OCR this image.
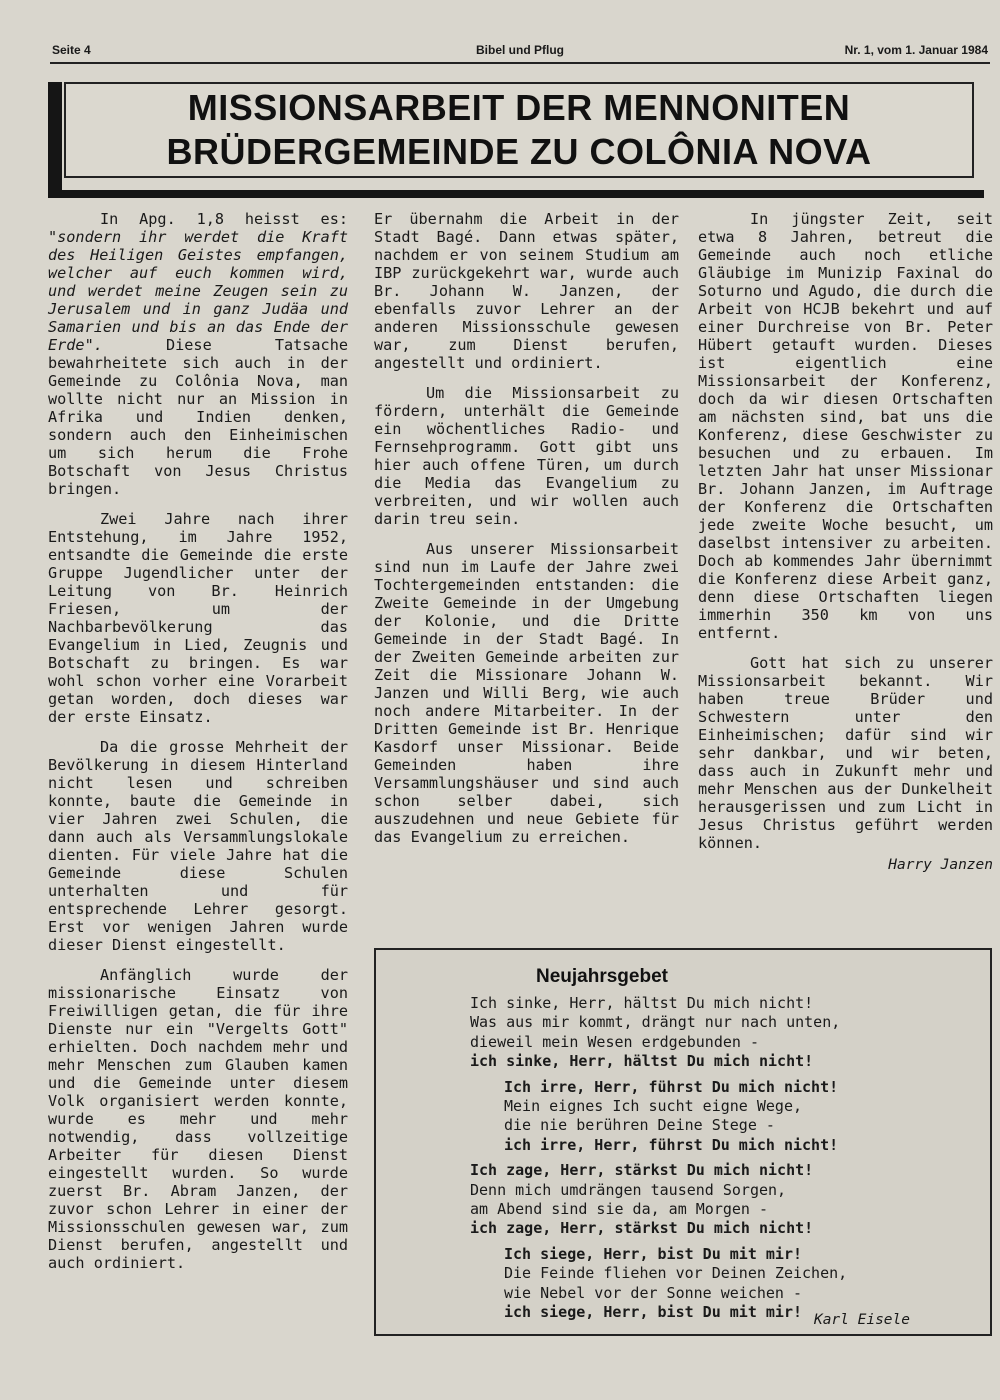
Seite 4	Bibel und Pflug	Nr. 1, vom 1. Januar 1984
MISSIONSARBEIT DER MENNONITEN
BRÜDERGEMEINDE ZU COLÔNIA NOVA

In Apg. 1,8 heisst es: "sondern ihr werdet die Kraft des Heiligen Geistes empfangen, welcher auf euch kommen wird, und werdet meine Zeugen sein zu Jerusalem und in ganz Judäa und Samarien und bis an das Ende der Erde".	Diese Tatsache bewahrheitete sich auch in der Gemeinde zu Colônia Nova, man wollte nicht nur an Mission in Afrika und Indien denken, sondern auch den Einheimischen um sich herum die Frohe Botschaft von Jesus Christus bringen.

Zwei Jahre nach ihrer Entstehung, im Jahre 1952, entsandte die Gemeinde die erste Gruppe Jugendlicher unter der Leitung von Br. Heinrich Friesen, um der Nachbarbevölkerung das Evangelium in Lied, Zeugnis und Botschaft zu bringen. Es war wohl schon vorher eine Vorarbeit getan worden, doch dieses war der erste Einsatz.

Da die grosse Mehrheit der Bevölkerung in diesem Hinterland nicht lesen und schreiben konnte, baute die Gemeinde in vier Jahren zwei Schulen, die dann auch als Versammlungslokale dienten. Für viele Jahre hat die Gemeinde diese Schulen unterhalten und für entsprechende Lehrer gesorgt. Erst vor wenigen Jahren wurde dieser Dienst eingestellt.

Anfänglich wurde der missionarische Einsatz von Freiwilligen getan, die für ihre Dienste nur ein "Vergelts Gott" erhielten. Doch nachdem mehr und mehr Menschen zum Glauben kamen und die Gemeinde unter diesem Volk organisiert werden konnte, wurde es mehr und mehr notwendig, dass vollzeitige Arbeiter für diesen Dienst eingestellt wurden. So wurde zuerst Br. Abram Janzen, der zuvor schon Lehrer in einer der Missionsschulen gewesen war, zum Dienst berufen, angestellt und auch ordiniert.

Er übernahm die Arbeit in der Stadt Bagé. Dann etwas später, nachdem er von seinem Studium am IBP zurückgekehrt war, wurde auch Br. Johann W. Janzen, der ebenfalls zuvor Lehrer an der anderen Missionsschule gewesen war, zum Dienst berufen, angestellt und ordiniert.

Um die Missionsarbeit zu fördern, unterhält die Gemeinde ein wöchentliches Radio- und Fernsehprogramm. Gott gibt uns hier auch offene Türen, um durch die Media das Evangelium zu verbreiten, und wir wollen auch darin treu sein.

Aus unserer Missionsarbeit sind nun im Laufe der Jahre zwei Tochtergemeinden entstanden: die Zweite Gemeinde in der Umgebung der Kolonie, und die Dritte Gemeinde in der Stadt Bagé. In der Zweiten Gemeinde arbeiten zur Zeit die Missionare Johann W. Janzen und Willi Berg, wie auch noch andere Mitarbeiter. In der Dritten Gemeinde ist Br. Henrique Kasdorf unser Missionar. Beide Gemeinden haben ihre Versammlungshäuser und sind auch schon selber dabei, sich auszudehnen und neue Gebiete für das Evangelium zu erreichen.

In jüngster Zeit, seit etwa 8 Jahren, betreut die Gemeinde auch noch etliche Gläubige im Munizip Faxinal do Soturno und Agudo, die durch die Arbeit von HCJB bekehrt und auf einer Durchreise von Br. Peter Hübert getauft wurden. Dieses ist eigentlich eine Missionsarbeit der Konferenz, doch da wir diesen Ortschaften am nächsten sind, bat uns die Konferenz, diese Geschwister zu besuchen und zu erbauen. Im letzten Jahr hat unser Missionar Br. Johann Janzen, im Auftrage der Konferenz die Ortschaften jede zweite Woche besucht, um daselbst intensiver zu arbeiten. Doch ab kommendes Jahr übernimmt die Konferenz diese Arbeit ganz, denn diese Ortschaften liegen immerhin 350 km von uns entfernt.

Gott hat sich zu unserer Missionsarbeit bekannt. Wir haben treue Brüder und Schwestern unter den Einheimischen; dafür sind wir sehr dankbar, und wir beten, dass auch in Zukunft mehr und mehr Menschen aus der Dunkelheit herausgerissen und zum Licht in Jesus Christus geführt werden können.

Harry Janzen
Neujahrsgebet
Ich sinke, Herr, hältst Du mich nicht!
Was aus mir kommt, drängt nur nach unten,
dieweil mein Wesen erdgebunden -
ich sinke, Herr, hältst Du mich nicht!
Ich irre, Herr, führst Du mich nicht!
Mein eignes Ich sucht eigne Wege,
die nie berühren Deine Stege -
ich irre, Herr, führst Du mich nicht!
Ich zage, Herr, stärkst Du mich nicht!
Denn mich umdrängen tausend Sorgen,
am Abend sind sie da, am Morgen -
ich zage, Herr, stärkst Du mich nicht!
Ich siege, Herr, bist Du mit mir!
Die Feinde fliehen vor Deinen Zeichen,
wie Nebel vor der Sonne weichen -
ich siege, Herr, bist Du mit mir! Karl Eisele
